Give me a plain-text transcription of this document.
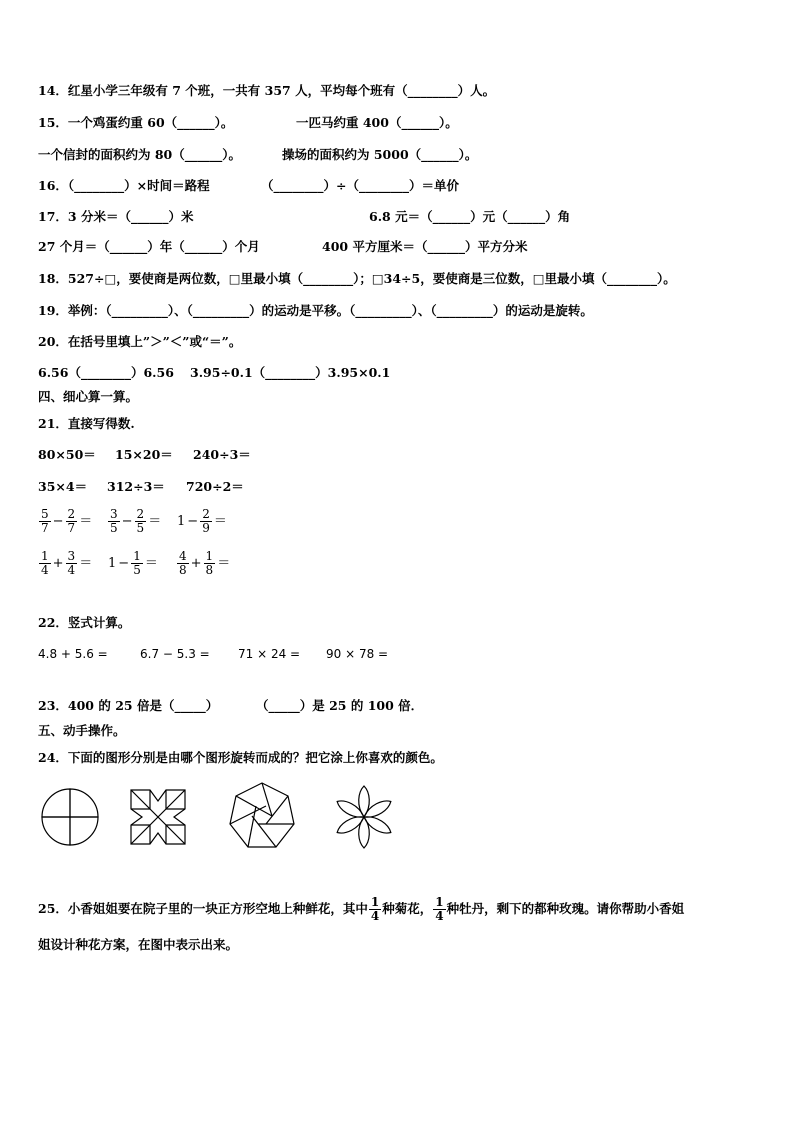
14．红星小学三年级有 7 个班，一共有 357 人，平均每个班有（________）人。
15．一个鸡蛋约重 60（______）。	一匹马约重 400（______）。
一个信封的面积约为 80（______）。	操场的面积约为 5000（______）。
16．（________）×时间＝路程	（________）÷（________）＝单价
17．3 分米＝（______）米	6.8 元＝（______）元（______）角
27 个月＝（______）年（______）个月	400 平方厘米＝（______）平方分米
18．527÷□，要使商是两位数，□里最小填（________）；□34÷5，要使商是三位数，□里最小填（________）。
19．举例：（_________）、（_________）的运动是平移。（_________）、（_________）的运动是旋转。
20．在括号里填上”＞”＜”或“＝”。
6.56（________）6.56 3.95÷0.1（________）3.95×0.1
四、细心算一算。
21．直接写得数.
80×50＝ 15×20＝ 240÷3＝
35×4＝ 312÷3＝ 720÷2＝
$\frac{5}{7} - \frac{2}{7} = \frac{3}{5} - \frac{2}{5} = 1 - \frac{2}{9}$ ＝
$\frac{1}{4} + \frac{3}{4} = 1 - \frac{1}{5} = \frac{4}{8} + \frac{1}{8}$ ＝
22．竖式计算。
4.8 + 5.6 =	6.7 − 5.3 = 71 × 24 = 90 × 78 =
23．400 的 25 倍是（_____）	（_____）是 25 的 100 倍．
五、动手操作。
24．下面的图形分别是由哪个图形旋转而成的？把它涂上你喜欢的颜色。
25．小香姐姐要在院子里的一块正方形空地上种鲜花，其中 $\frac{1}{4}$ 种菊花， $\frac{1}{4}$ 种牡丹，剩下的都种玫瑰。请你帮助小香姐
姐设计种花方案，在图中表示出来。
